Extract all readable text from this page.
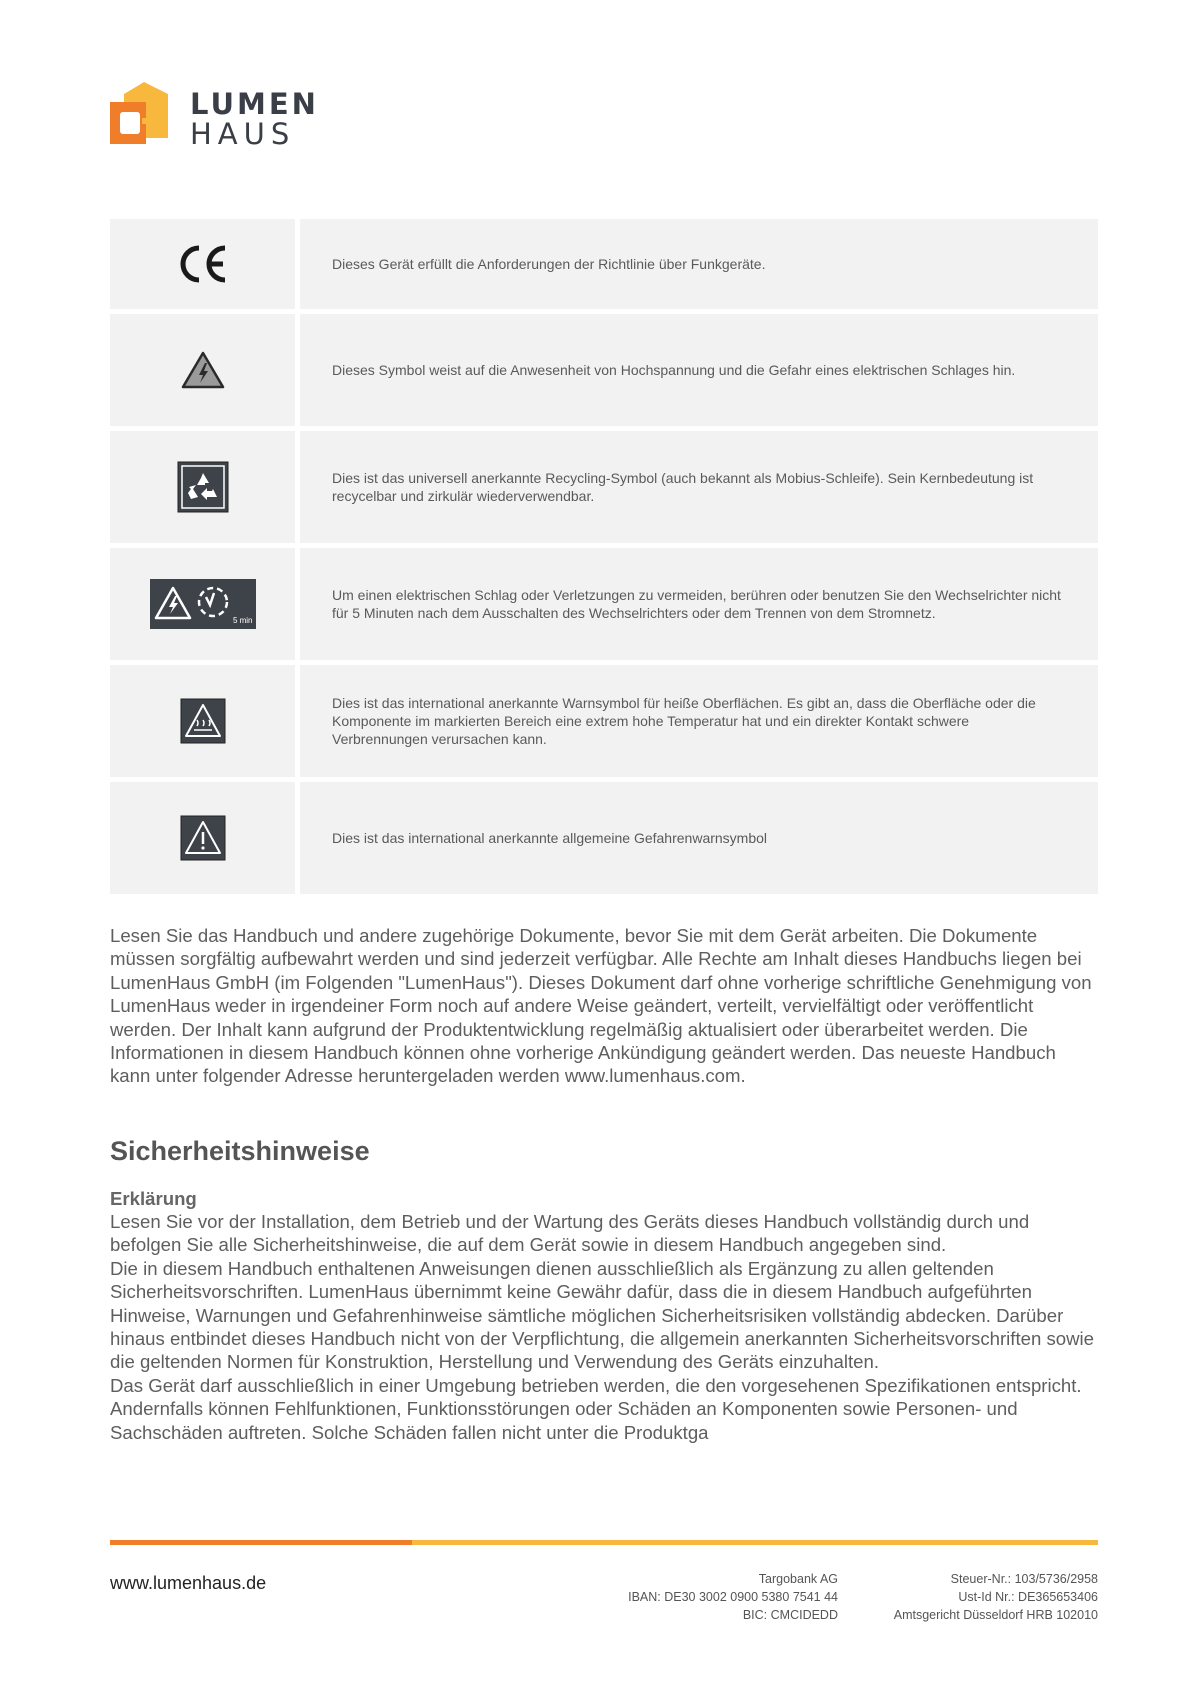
LUMEN
HAUS
Dieses Gerät erfüllt die Anforderungen der Richtlinie über Funkgeräte.
Dieses Symbol weist auf die Anwesenheit von Hochspannung und die Gefahr eines elektrischen Schlages hin.
Dies ist das universell anerkannte Recycling-Symbol (auch bekannt als Mobius-Schleife). Sein Kernbedeutung ist recycelbar und zirkulär wiederverwendbar.
5 min
Um einen elektrischen Schlag oder Verletzungen zu vermeiden, berühren oder benutzen Sie den Wechselrichter nicht für 5 Minuten nach dem Ausschalten des Wechselrichters oder dem Trennen von dem Stromnetz.
Dies ist das international anerkannte Warnsymbol für heiße Oberflächen. Es gibt an, dass die Oberfläche oder die Komponente im markierten Bereich eine extrem hohe Temperatur hat und ein direkter Kontakt schwere Verbrennungen verursachen kann.
Dies ist das international anerkannte allgemeine Gefahrenwarnsymbol
Lesen Sie das Handbuch und andere zugehörige Dokumente, bevor Sie mit dem Gerät arbeiten. Die Dokumente müssen sorgfältig aufbewahrt werden und sind jederzeit verfügbar. Alle Rechte am Inhalt dieses Handbuchs liegen bei LumenHaus GmbH (im Folgenden "LumenHaus"). Dieses Dokument darf ohne vorherige schriftliche Genehmigung von LumenHaus weder in irgendeiner Form noch auf andere Weise geändert, verteilt, vervielfältigt oder veröffentlicht werden. Der Inhalt kann aufgrund der Produktentwicklung regelmäßig aktualisiert oder überarbeitet werden. Die Informationen in diesem Handbuch können ohne vorherige Ankündigung geändert werden. Das neueste Handbuch kann unter folgender Adresse heruntergeladen werden www.lumenhaus.com.
Sicherheitshinweise
Erklärung

Lesen Sie vor der Installation, dem Betrieb und der Wartung des Geräts dieses Handbuch vollständig durch und befolgen Sie alle Sicherheitshinweise, die auf dem Gerät sowie in diesem Handbuch angegeben sind.

Die in diesem Handbuch enthaltenen Anweisungen dienen ausschließlich als Ergänzung zu allen geltenden Sicherheitsvorschriften. LumenHaus übernimmt keine Gewähr dafür, dass die in diesem Handbuch aufgeführten Hinweise, Warnungen und Gefahrenhinweise sämtliche möglichen Sicherheitsrisiken vollständig abdecken. Darüber hinaus entbindet dieses Handbuch nicht von der Verpflichtung, die allgemein anerkannten Sicherheitsvorschriften sowie die geltenden Normen für Konstruktion, Herstellung und Verwendung des Geräts einzuhalten.

Das Gerät darf ausschließlich in einer Umgebung betrieben werden, die den vorgesehenen Spezifikationen entspricht. Andernfalls können Fehlfunktionen, Funktionsstörungen oder Schäden an Komponenten sowie Personen- und Sachschäden auftreten. Solche Schäden fallen nicht unter die Produktga

www.lumenhaus.de	Targobank AG
IBAN: DE30 3002 0900 5380 7541 44
BIC: CMCIDEDD
Steuer-Nr.: 103/5736/2958
Ust-Id Nr.: DE365653406
Amtsgericht Düsseldorf HRB 102010
